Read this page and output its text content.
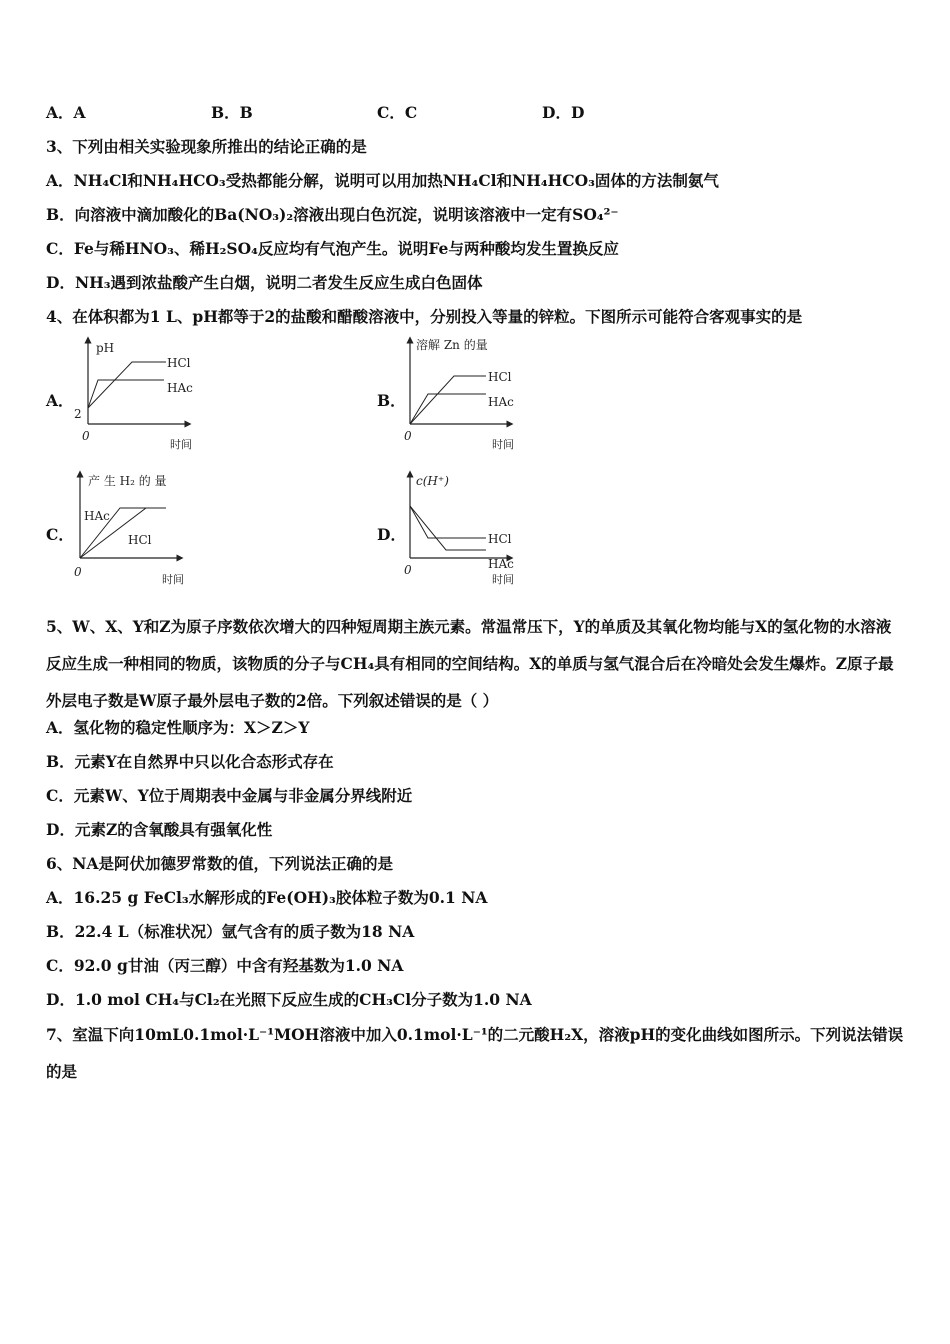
A．A	B．B	C．C	D．D
3、下列由相关实验现象所推出的结论正确的是
A．NH₄Cl和NH₄HCO₃受热都能分解，说明可以用加热NH₄Cl和NH₄HCO₃固体的方法制氨气
B．向溶液中滴加酸化的Ba(NO₃)₂溶液出现白色沉淀，说明该溶液中一定有SO₄²⁻
C．Fe与稀HNO₃、稀H₂SO₄反应均有气泡产生。说明Fe与两种酸均发生置换反应
D．NH₃遇到浓盐酸产生白烟，说明二者发生反应生成白色固体
4、在体积都为1 L、pH都等于2的盐酸和醋酸溶液中，分别投入等量的锌粒。下图所示可能符合客观事实的是
A．	B．
C．	D．
pH
2
0
时间
HCl
HAc
溶解 Zn 的量
0
时间
HCl
HAc
产 生 H₂ 的 量
0
时间
HAc
HCl
c(H⁺)
0
时间
HCl
HAc
5、W、X、Y和Z为原子序数依次增大的四种短周期主族元素。常温常压下，Y的单质及其氧化物均能与X的氢化物的水溶液反应生成一种相同的物质，该物质的分子与CH₄具有相同的空间结构。X的单质与氢气混合后在冷暗处会发生爆炸。Z原子最外层电子数是W原子最外层电子数的2倍。下列叙述错误的是（ ）
A．氢化物的稳定性顺序为：X＞Z＞Y
B．元素Y在自然界中只以化合态形式存在
C．元素W、Y位于周期表中金属与非金属分界线附近
D．元素Z的含氧酸具有强氧化性
6、NA是阿伏加德罗常数的值，下列说法正确的是
A．16.25 g FeCl₃水解形成的Fe(OH)₃胶体粒子数为0.1 NA
B．22.4 L（标准状况）氩气含有的质子数为18 NA
C．92.0 g甘油（丙三醇）中含有羟基数为1.0 NA
D．1.0 mol CH₄与Cl₂在光照下反应生成的CH₃Cl分子数为1.0 NA
7、室温下向10mL0.1mol·L⁻¹MOH溶液中加入0.1mol·L⁻¹的二元酸H₂X，溶液pH的变化曲线如图所示。下列说法错误的是
